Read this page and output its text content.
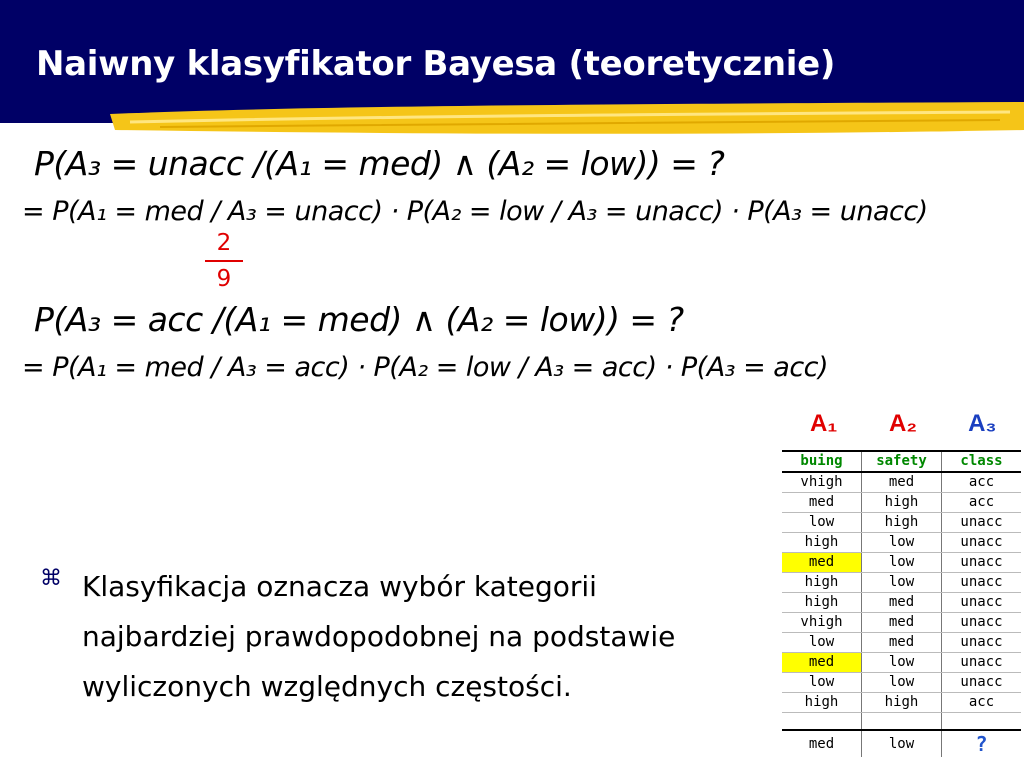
Naiwny klasyfikator Bayesa (teoretycznie)
P(A₃ = unacc /(A₁ = med) ∧ (A₂ = low)) = ?
= P(A₁ = med / A₃ = unacc) · P(A₂ = low / A₃ = unacc) · P(A₃ = unacc)
2
9
P(A₃ = acc /(A₁ = med) ∧ (A₂ = low)) = ?
= P(A₁ = med / A₃ = acc) · P(A₂ = low / A₃ = acc) · P(A₃ = acc)
⌘ Klasyfikacja oznacza wybór kategorii
najbardziej prawdopodobnej na podstawie
wyliczonych względnych częstości.
A₁	A₂	A₃
buing	safety	class
vhigh	med	acc
med	high	acc
low	high	unacc
high	low	unacc
med	low	unacc
high	low	unacc
high	med	unacc
vhigh	med	unacc
low	med	unacc
med	low	unacc
low	low	unacc
high	high	acc

med	low	?
